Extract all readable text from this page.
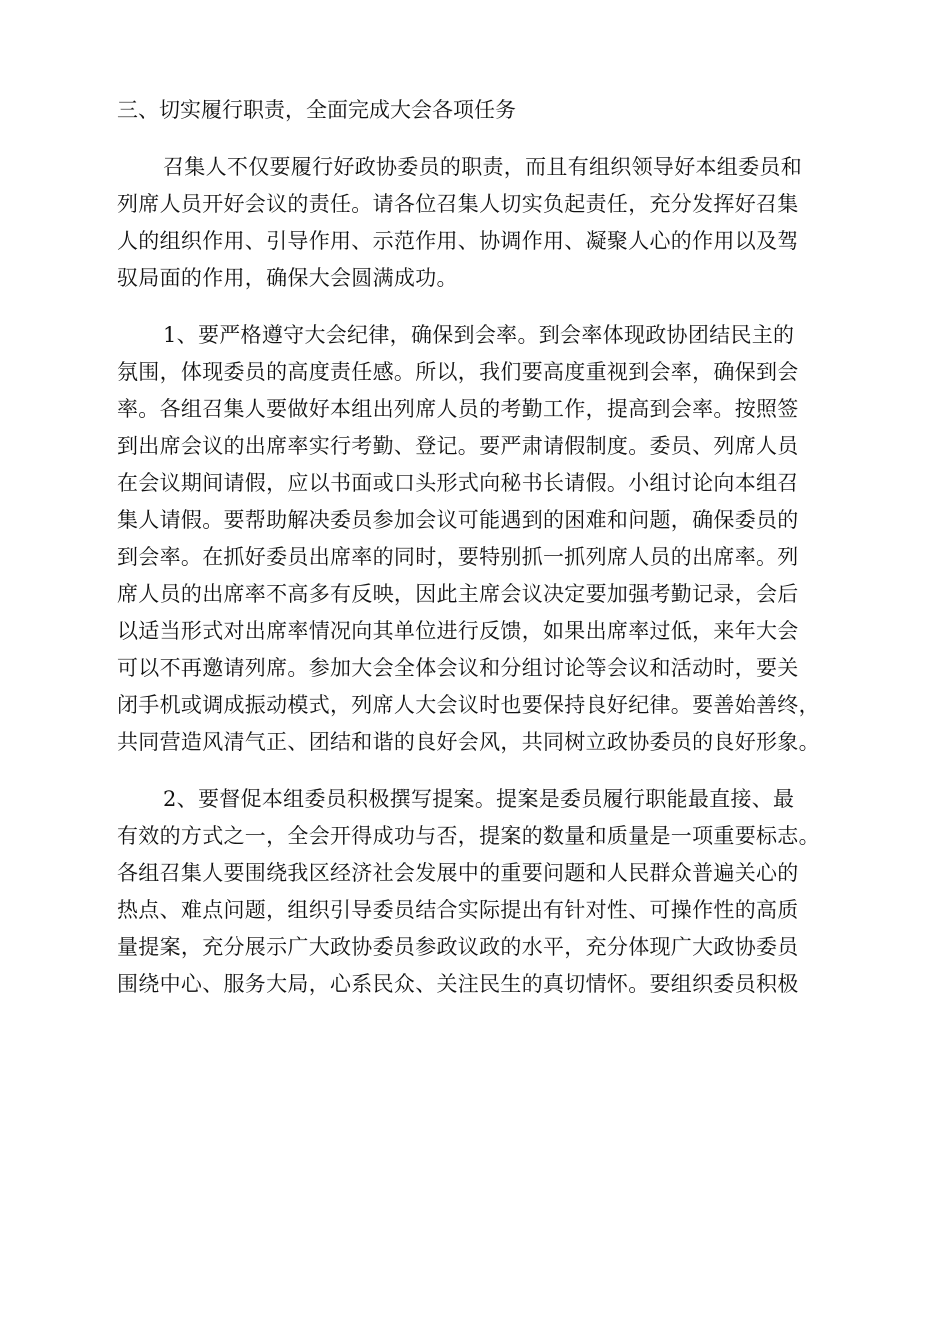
三、切实履行职责，全面完成大会各项任务
召集人不仅要履行好政协委员的职责，而且有组织领导好本组委员和
列席人员开好会议的责任。请各位召集人切实负起责任，充分发挥好召集
人的组织作用、引导作用、示范作用、协调作用、凝聚人心的作用以及驾
驭局面的作用，确保大会圆满成功。
1、要严格遵守大会纪律，确保到会率。到会率体现政协团结民主的
氛围，体现委员的高度责任感。所以，我们要高度重视到会率，确保到会
率。各组召集人要做好本组出列席人员的考勤工作，提高到会率。按照签
到出席会议的出席率实行考勤、登记。要严肃请假制度。委员、列席人员
在会议期间请假，应以书面或口头形式向秘书长请假。小组讨论向本组召
集人请假。要帮助解决委员参加会议可能遇到的困难和问题，确保委员的
到会率。在抓好委员出席率的同时，要特别抓一抓列席人员的出席率。列
席人员的出席率不高多有反映，因此主席会议决定要加强考勤记录，会后
以适当形式对出席率情况向其单位进行反馈，如果出席率过低，来年大会
可以不再邀请列席。参加大会全体会议和分组讨论等会议和活动时，要关
闭手机或调成振动模式，列席人大会议时也要保持良好纪律。要善始善终，
共同营造风清气正、团结和谐的良好会风，共同树立政协委员的良好形象。
2、要督促本组委员积极撰写提案。提案是委员履行职能最直接、最
有效的方式之一，全会开得成功与否，提案的数量和质量是一项重要标志。
各组召集人要围绕我区经济社会发展中的重要问题和人民群众普遍关心的
热点、难点问题，组织引导委员结合实际提出有针对性、可操作性的高质
量提案，充分展示广大政协委员参政议政的水平，充分体现广大政协委员
围绕中心、服务大局，心系民众、关注民生的真切情怀。要组织委员积极
